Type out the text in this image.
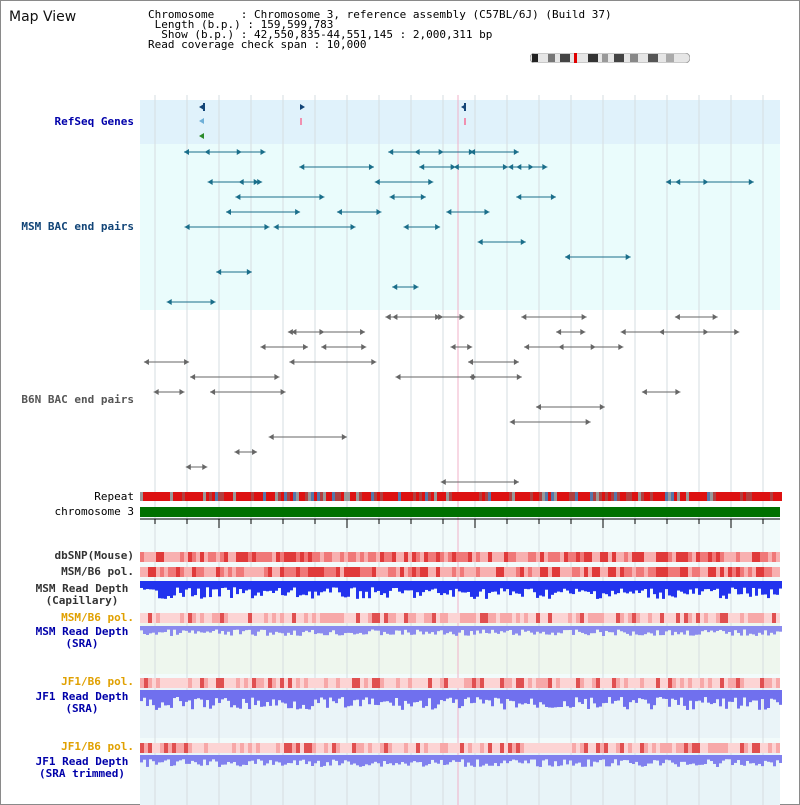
Map View	Chromosome    : Chromosome 3, reference assembly (C57BL/6J) (Build 37)
Length (b.p.) : 159,599,783
Show (b.p.) : 42,550,835-44,551,145 : 2,000,311 bp
Read coverage check span : 10,000
RefSeq Genes
MSM BAC end pairs
B6N BAC end pairs
Repeat
chromosome 3
dbSNP(Mouse)
MSM/B6 pol.
MSM Read Depth
(Capillary)
MSM/B6 pol.
MSM Read Depth
(SRA)
JF1/B6 pol.
JF1 Read Depth
(SRA)
JF1/B6 pol.
JF1 Read Depth
(SRA trimmed)
